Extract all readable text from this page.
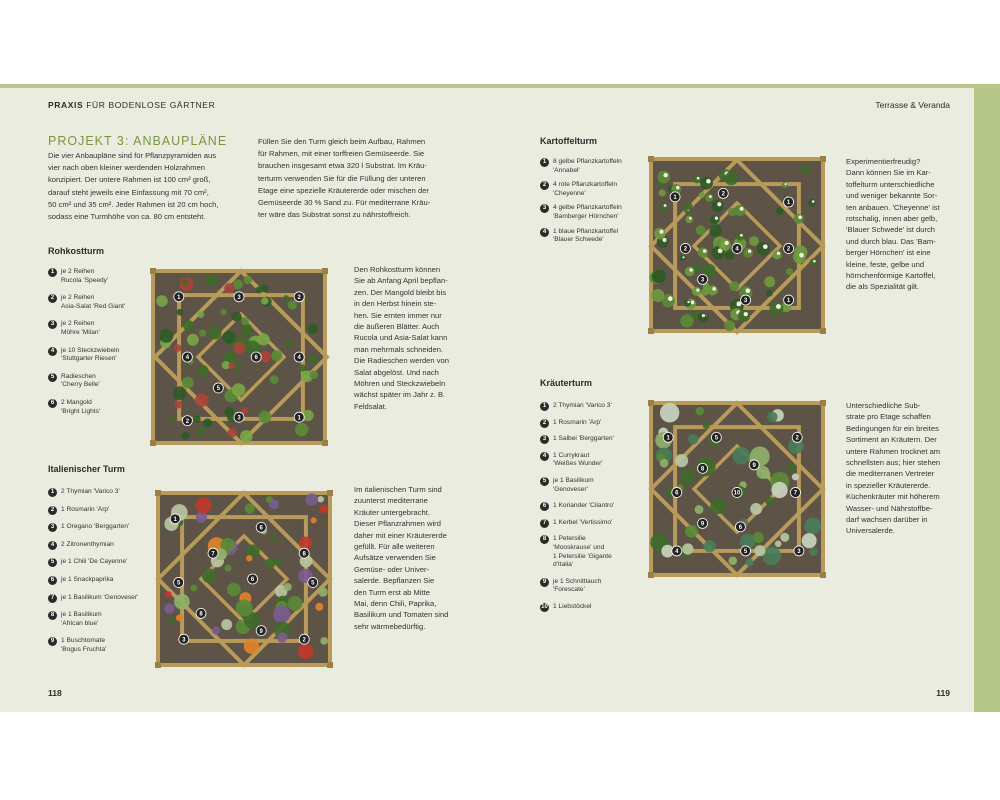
PRAXIS FÜR BODENLOSE GÄRTNER	Terrasse & Veranda
PROJEKT 3: ANBAUPLÄNE
Die vier Anbaupläne sind für Pflanzpyramiden aus
vier nach oben kleiner werdenden Holzrahmen
konzipiert. Der untere Rahmen ist 100 cm² groß,
darauf steht jeweils eine Einfassung mit 70 cm²,
50 cm² und 35 cm². Jeder Rahmen ist 20 cm hoch,
sodass eine Turmhöhe von ca. 80 cm entsteht.
Füllen Sie den Turm gleich beim Aufbau, Rahmen
für Rahmen, mit einer torffreien Gemüseerde. Sie
brauchen insgesamt etwa 320 l Substrat. Im Kräu-
terturm verwenden Sie für die Füllung der unteren
Etage eine spezielle Kräutererde oder mischen der
Gemüseerde 30 % Sand zu. Für mediterrane Kräu-
ter wäre das Substrat sonst zu nährstoffreich.
Rohkostturm
1	je 2 Reihen
Rucola 'Speedy'
2	je 2 Reihen
Asia-Salat 'Red Giant'
3	je 2 Reihen
Möhre 'Milan'
4	je 10 Steckzwiebeln
'Stuttgarter Riesen'
5	Radieschen
'Cherry Belle'
6	2 Mangold
'Bright Lights'
1	3	2
4	4
6
5
2
3	1
Den Rohkostturm können
Sie ab Anfang April bepflan-
zen. Der Mangold bleibt bis
in den Herbst hinein ste-
hen. Sie ernten immer nur
die äußeren Blätter. Auch
Rucola und Asia-Salat kann
man mehrmals schneiden.
Die Radieschen werden von
Salat abgelöst. Und nach
Möhren und Steckzwiebeln
wächst später im Jahr z. B.
Feldsalat.
Italienischer Turm
1	2 Thymian 'Varico 3'
2	1 Rosmarin 'Arp'
3	1 Oregano 'Berggarten'
4	2 Zitronenthymian
5	je 1 Chili 'De Cayenne'
6	je 1 Snackpaprika
7	je 1 Basilikum 'Genoveser'
8	je 1 Basilikum
'African blue'
9	1 Buschtomate
'Bogus Fruchta'
1
6
7	8
5
6
5
8
9
3	2
Im italienischen Turm sind
zuunterst mediterrane
Kräuter untergebracht.
Dieser Pflanzrahmen wird
daher mit einer Kräutererde
gefüllt. Für alle weiteren
Aufsätze verwenden Sie
Gemüse- oder Univer-
salerde. Bepflanzen Sie
den Turm erst ab Mitte
Mai, denn Chili, Paprika,
Basilikum und Tomaten sind
sehr wärmebedürftig.
Kartoffelturm
1	8 gelbe Pflanzkartoffeln
'Annabel'
2	4 rote Pflanzkartoffeln
'Cheyenne'
3	4 gelbe Pflanzkartoffeln
'Bamberger Hörnchen'
4	1 blaue Pflanzkartoffel
'Blauer Schwede'
1
2
1
2	4	2
3
3	1
Experimentierfreudig?
Dann können Sie im Kar-
toffelturm unterschiedliche
und weniger bekannte Sor-
ten anbauen. 'Cheyenne' ist
rotschalig, innen aber gelb,
'Blauer Schwede' ist durch
und durch blau. Das 'Bam-
berger Hörnchen' ist eine
kleine, feste, gelbe und
hörnchenförmige Kartoffel,
die als Spezialität gilt.
Kräuterturm
1	2 Thymian 'Varico 3'
2	1 Rosmarin 'Arp'
3	1 Salbei 'Berggarten'
4	1 Currykraut
'Weißes Wunder'
5	je 1 Basilikum
'Genoveser'
6	1 Koriander 'Cilantro'
7	1 Kerbel 'Vertissimo'
8	1 Petersilie
'Mooskrause' und
1 Petersilie 'Gigante
d'Italia'
9	je 1 Schnittlauch
'Forescate'
10 1 Liebstöckel
1	5	2
9
8
6	10	7
9
6
4	5	3
Unterschiedliche Sub-
strate pro Etage schaffen
Bedingungen für ein breites
Sortiment an Kräutern. Der
untere Rahmen trocknet am
schnellsten aus; hier stehen
die mediterranen Vertreter
in spezieller Kräutererde.
Küchenkräuter mit höherem
Wasser- und Nährstoffbe-
darf wachsen darüber in
Universalerde.
118	119
